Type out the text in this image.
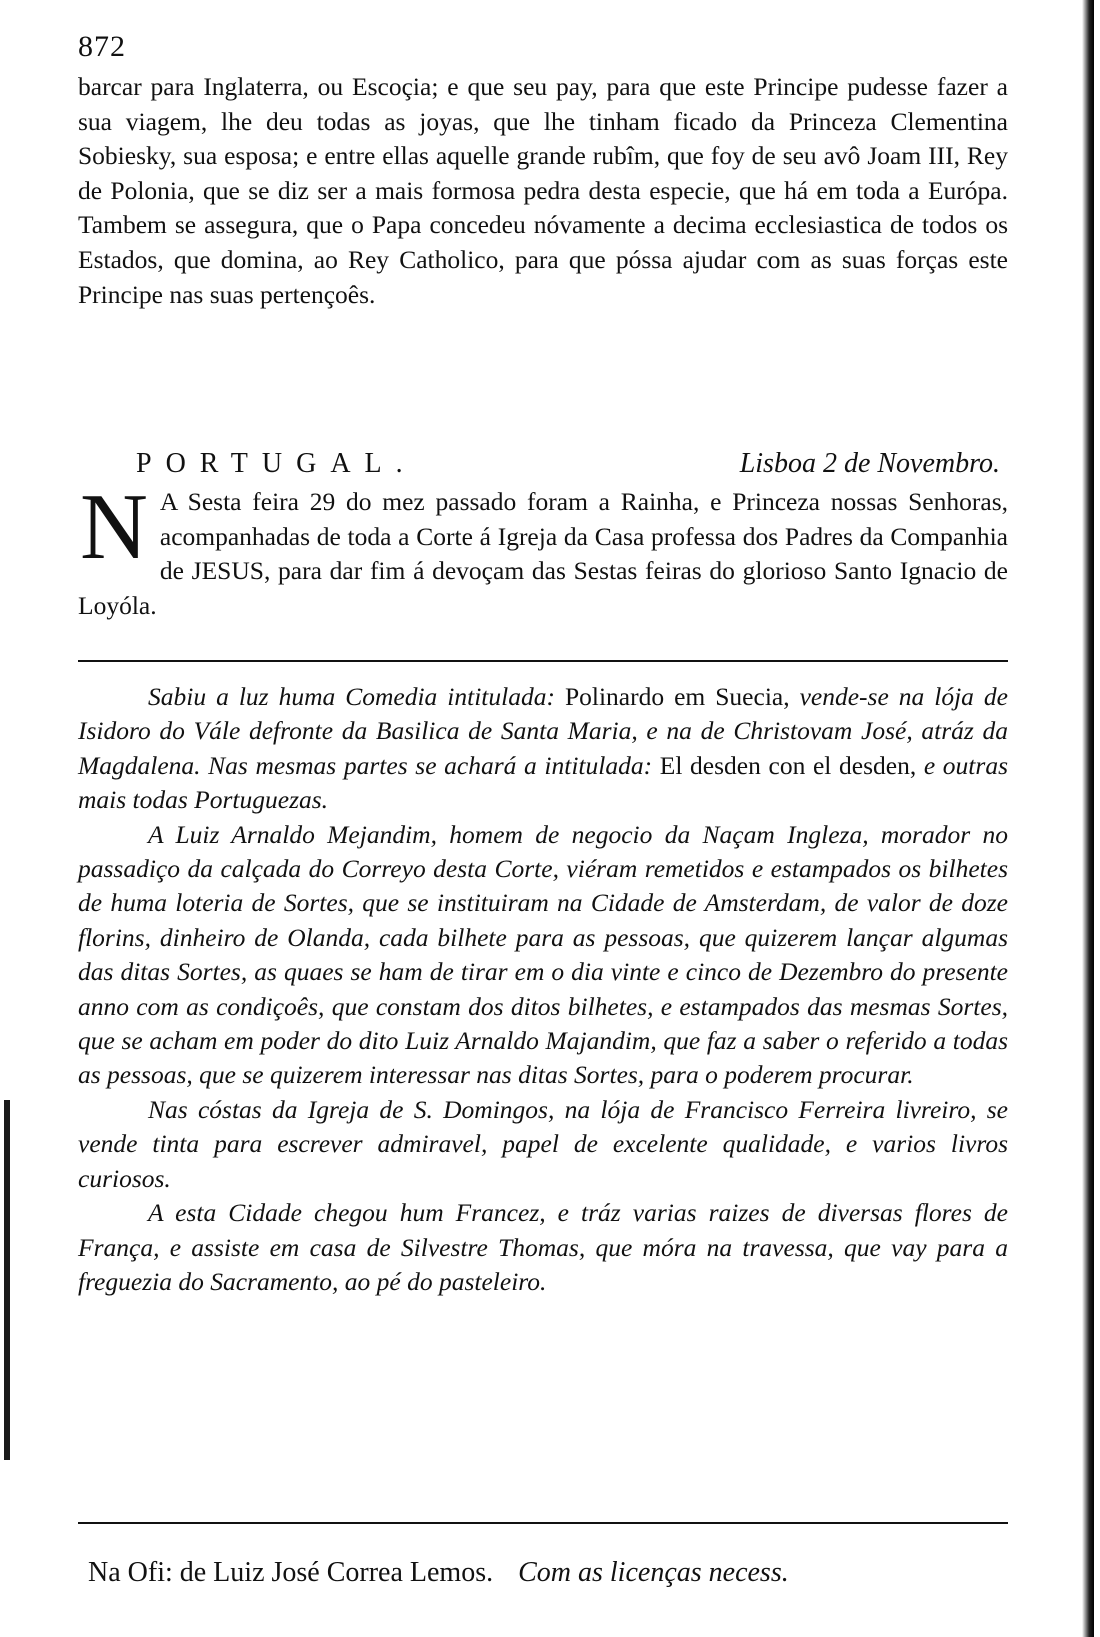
872
barcar para Inglaterra, ou Escoçia; e que seu pay, para que este Principe pudesse fazer a sua viagem, lhe deu todas as joyas, que lhe tinham ficado da Princeza Clementina Sobiesky, sua esposa; e entre ellas aquelle grande rubîm, que foy de seu avô Joam III, Rey de Polonia, que se diz ser a mais formosa pedra desta especie, que há em toda a Európa. Tambem se assegura, que o Papa concedeu nóvamente a decima ecclesiastica de todos os Estados, que domina, ao Rey Catholico, para que póssa ajudar com as suas forças este Principe nas suas pertençoês.
PORTUGAL.	Lisboa 2 de Novembro.
N A Sesta feira 29 do mez passado foram a Rainha, e Princeza nossas Senhoras, acompanhadas de toda a Corte á Igreja da Casa professa dos Padres da Companhia de JESUS, para dar fim á devoçam das Sestas feiras do glorioso Santo Ignacio de Loyóla.

Sabiu a luz huma Comedia intitulada: Polinardo em Suecia, vende-se na lója de Isidoro do Vále defronte da Basilica de Santa Maria, e na de Christovam José, atráz da Magdalena. Nas mesmas partes se achará a intitulada: El desden con el desden, e outras mais todas Portuguezas.

A Luiz Arnaldo Mejandim, homem de negocio da Naçam Ingleza, morador no passadiço da calçada do Correyo desta Corte, viéram remetidos e estampados os bilhetes de huma loteria de Sortes, que se instituiram na Cidade de Amsterdam, de valor de doze florins, dinheiro de Olanda, cada bilhete para as pessoas, que quizerem lançar algumas das ditas Sortes, as quaes se ham de tirar em o dia vinte e cinco de Dezembro do presente anno com as condiçoês, que constam dos ditos bilhetes, e estampados das mesmas Sortes, que se acham em poder do dito Luiz Arnaldo Majandim, que faz a saber o referido a todas as pessoas, que se quizerem interessar nas ditas Sortes, para o poderem procurar.

Nas cóstas da Igreja de S. Domingos, na lója de Francisco Ferreira livreiro, se vende tinta para escrever admiravel, papel de excelente qualidade, e varios livros curiosos.

A esta Cidade chegou hum Francez, e tráz varias raizes de diversas flores de França, e assiste em casa de Silvestre Thomas, que móra na travessa, que vay para a freguezia do Sacramento, ao pé do pasteleiro.

Na Ofi: de Luiz José Correa Lemos. Com as licenças necess.
